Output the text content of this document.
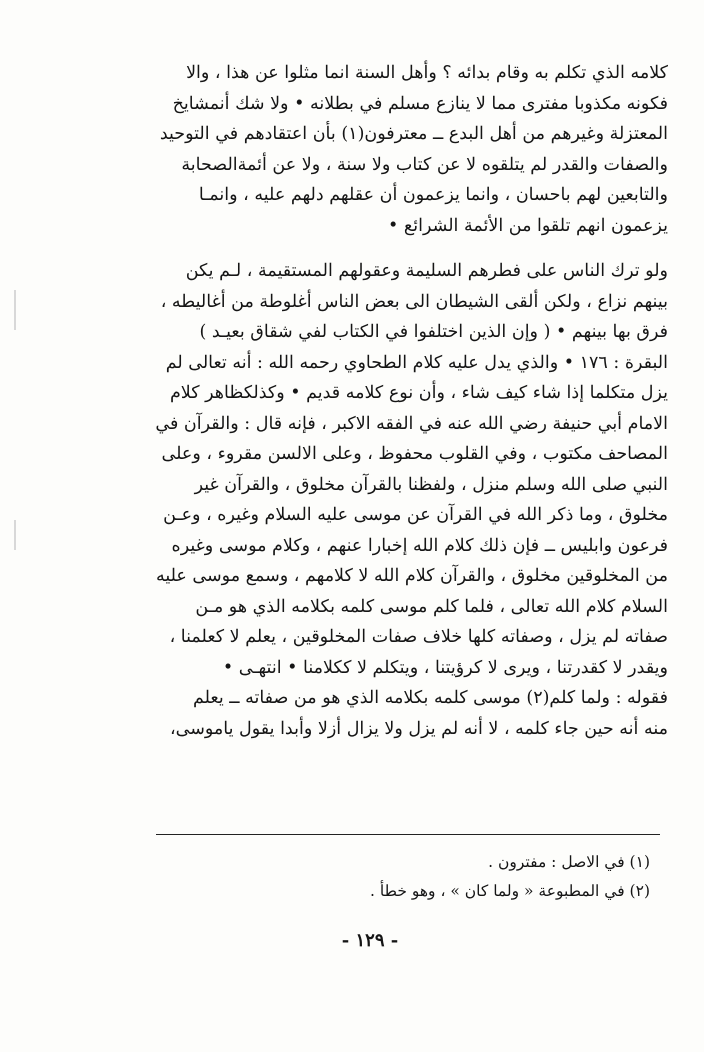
كلامه الذي تكلم به وقام بدائه ؟ وأهل السنة انما مثلوا عن هذا ، والا
فكونه مكذوبا مفترى مما لا ينازع مسلم في بطلانه • ولا شك أنمشايخ
المعتزلة وغيرهم من أهل البدع ــ معترفون(١) بأن اعتقادهم في التوحيد
والصفات والقدر لم يتلقوه لا عن كتاب ولا سنة ، ولا عن أئمةالصحابة
والتابعين لهم باحسان ، وانما يزعمون أن عقلهم دلهم عليه ، وانمـا
يزعمون انهم تلقوا من الأئمة الشرائع •
ولو ترك الناس على فطرهم السليمة وعقولهم المستقيمة ، لـم يكن
بينهم نزاع ، ولكن ألقى الشيطان الى بعض الناس أغلوطة من أغاليطه ،
فرق بها بينهم • ( وإن الذين اختلفوا في الكتاب لفي شقاق بعيـد )
البقرة : ١٧٦ • والذي يدل عليه كلام الطحاوي رحمه الله : أنه تعالى لم
يزل متكلما إذا شاء كيف شاء ، وأن نوع كلامه قديم • وكذلكظاهر كلام
الامام أبي حنيفة رضي الله عنه في الفقه الاكبر ، فإنه قال : والقرآن في
المصاحف مكتوب ، وفي القلوب محفوظ ، وعلى الالسن مقروء ، وعلى
النبي صلى الله وسلم منزل ، ولفظنا بالقرآن مخلوق ، والقرآن غير
مخلوق ، وما ذكر الله في القرآن عن موسى عليه السلام وغيره ، وعـن
فرعون وابليس ــ فإن ذلك كلام الله إخبارا عنهم ، وكلام موسى وغيره
من المخلوقين مخلوق ، والقرآن كلام الله لا كلامهم ، وسمع موسى عليه
السلام كلام الله تعالى ، فلما كلم موسى كلمه بكلامه الذي هو مـن
صفاته لم يزل ، وصفاته كلها خلاف صفات المخلوقين ، يعلم لا كعلمنا ،
ويقدر لا كقدرتنا ، ويرى لا كرؤيتنا ، ويتكلم لا ككلامنا • انتهـى •
فقوله : ولما كلم(٢) موسى كلمه بكلامه الذي هو من صفاته ــ يعلم
منه أنه حين جاء كلمه ، لا أنه لم يزل ولا يزال أزلا وأبدا يقول ياموسى،
(١) في الاصل : مفترون .
(٢) في المطبوعة « ولما كان » ، وهو خطأ .
- ١٢٩ -
